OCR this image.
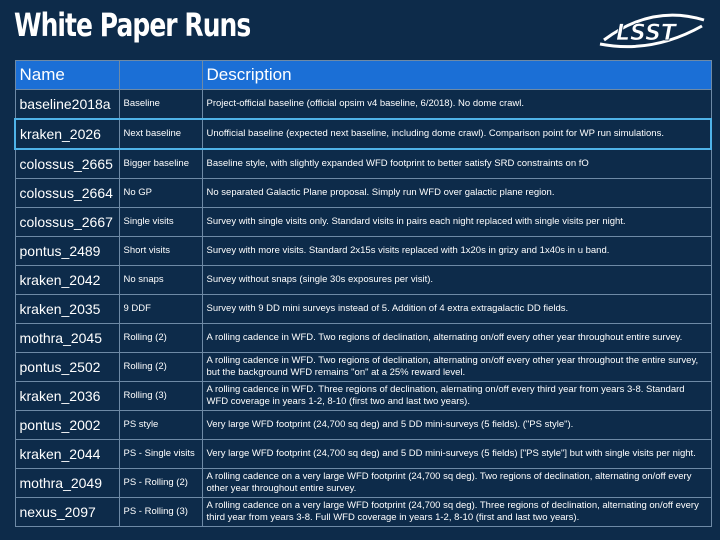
White Paper Runs	LSST
Name		Description
baseline2018a	Baseline	Project-official baseline (official opsim v4 baseline, 6/2018). No dome crawl.
kraken_2026	Next baseline	Unofficial baseline (expected next baseline, including dome crawl). Comparison point for WP run simulations.
colossus_2665	Bigger baseline	Baseline style, with slightly expanded WFD footprint to better satisfy SRD constraints on fO
colossus_2664	No GP	No separated Galactic Plane proposal. Simply run WFD over galactic plane region.
colossus_2667	Single visits	Survey with single visits only. Standard visits in pairs each night replaced with single visits per night.
pontus_2489	Short visits	Survey with more visits. Standard 2x15s visits replaced with 1x20s in grizy and 1x40s in u band.
kraken_2042	No snaps	Survey without snaps (single 30s exposures per visit).
kraken_2035	9 DDF	Survey with 9 DD mini surveys instead of 5. Addition of 4 extra extragalactic DD fields.
mothra_2045	Rolling (2)	A rolling cadence in WFD. Two regions of declination, alternating on/off every other year throughout entire survey.
pontus_2502	Rolling (2)	A rolling cadence in WFD. Two regions of declination, alternating on/off every other year throughout the entire survey, but the background WFD remains "on" at a 25% reward level.
kraken_2036	Rolling (3)	A rolling cadence in WFD. Three regions of declination, alernating on/off every third year from years 3-8. Standard WFD coverage in years 1-2, 8-10 (first two and last two years).
pontus_2002	PS style	Very large WFD footprint (24,700 sq deg) and 5 DD mini-surveys (5 fields). ("PS style").
kraken_2044	PS - Single visits	Very large WFD footprint (24,700 sq deg) and 5 DD mini-surveys (5 fields) ["PS style"] but with single visits per night.
mothra_2049	PS - Rolling (2)	A rolling cadence on a very large WFD footprint (24,700 sq deg). Two regions of declination, alternating on/off every other year throughout entire survey.
nexus_2097	PS - Rolling (3)	A rolling cadence on a very large WFD footprint (24,700 sq deg). Three regions of declination, alternating on/off every third year from years 3-8. Full WFD coverage in years 1-2, 8-10 (first and last two years).
